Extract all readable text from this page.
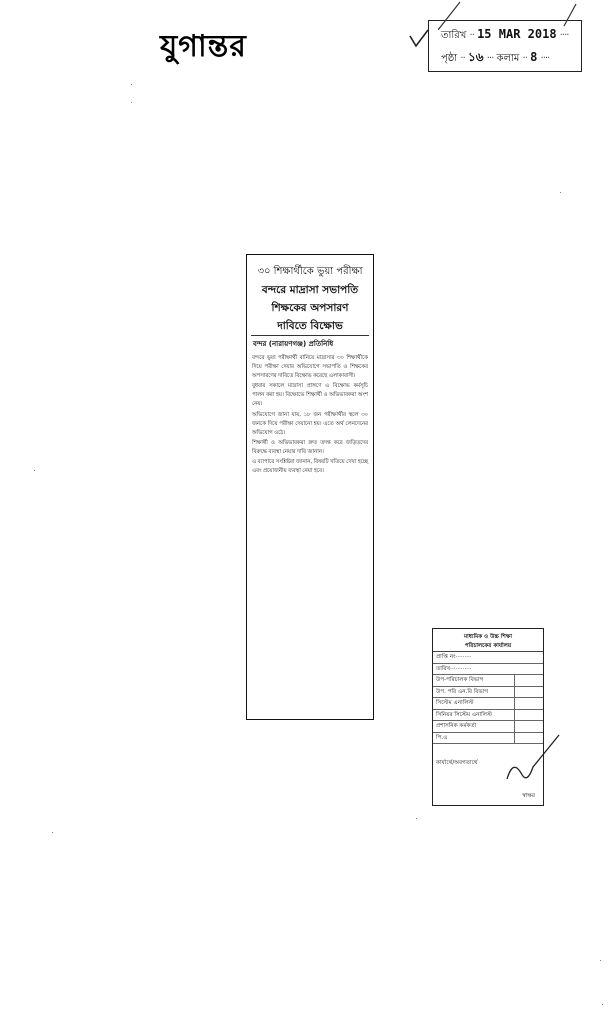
যুগান্তর	তারিখ ·· 15 MAR 2018 ····
পৃষ্ঠা ·· ১৬ ··· কলাম ·· 8 ····
৩০ শিক্ষার্থীকে ভুয়া পরীক্ষা
বন্দরে মাদ্রাসা সভাপতি
শিক্ষকের অপসারণ
দাবিতে বিক্ষোভ
বন্দর (নারায়ণগঞ্জ) প্রতিনিধি

বন্দরে ভুয়া পরীক্ষার্থী বানিয়ে মাদ্রাসার ৩০ শিক্ষার্থীকে দিয়ে পরীক্ষা দেয়ার অভিযোগে সভাপতি ও শিক্ষকের অপসারণের দাবিতে বিক্ষোভ করেছে এলাকাবাসী।

বুধবার সকালে মাদ্রাসা প্রাঙ্গণে এ বিক্ষোভ কর্মসূচি পালন করা হয়। বিক্ষোভে শিক্ষার্থী ও অভিভাবকরা অংশ নেয়।

অভিযোগে জানা যায়, ১৮ জন পরীক্ষার্থীর স্থলে ৩০ জনকে দিয়ে পরীক্ষা দেয়ানো হয়। এতে অর্থ লেনদেনের অভিযোগ ওঠে।

শিক্ষার্থী ও অভিভাবকরা দ্রুত তদন্ত করে জড়িতদের বিরুদ্ধে ব্যবস্থা নেয়ার দাবি জানান।

এ ব্যাপারে সংশ্লিষ্টরা জানান, বিষয়টি খতিয়ে দেখা হচ্ছে এবং প্রয়োজনীয় ব্যবস্থা নেয়া হবে।

মাধ্যমিক ও উচ্চ শিক্ষা
পরিচালকের কার্যালয়
প্রাপ্তি নং·········
তারিখ············
উপ-পরিচালক বিভাগ
উপ. পরি এন.বি বিভাগ
সিস্টেম এনালিস্ট
সিনিয়র সিস্টেম এনালিস্ট
প্রশাসনিক কর্মকর্তা
পি.এ
কার্যার্থে/অবগতার্থে
স্বাক্ষর
